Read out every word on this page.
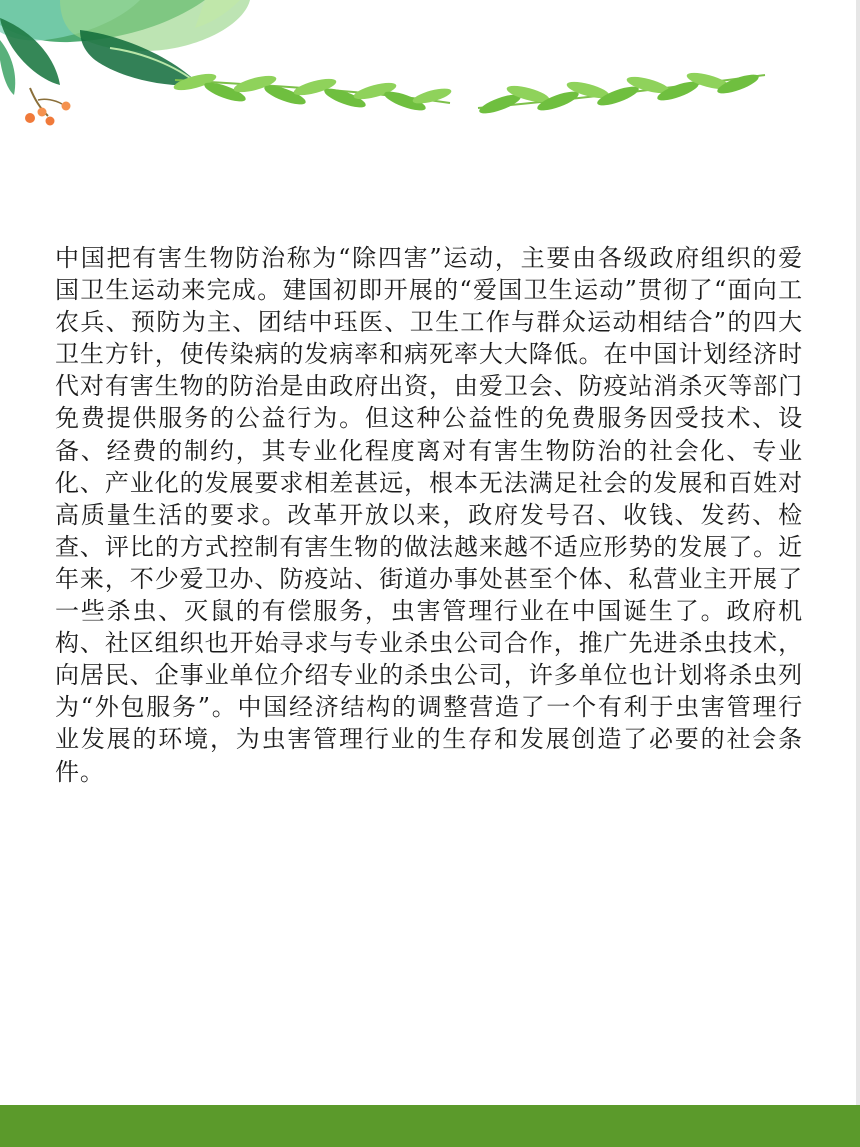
中国把有害生物防治称为“除四害”运动，主要由各级政府组织的爱国卫生运动来完成。建国初即开展的“爱国卫生运动”贯彻了“面向工农兵、预防为主、团结中珏医、卫生工作与群众运动相结合”的四大卫生方针，使传染病的发病率和病死率大大降低。在中国计划经济时代对有害生物的防治是由政府出资，由爱卫会、防疫站消杀灭等部门免费提供服务的公益行为。但这种公益性的免费服务因受技术、设备、经费的制约，其专业化程度离对有害生物防治的社会化、专业化、产业化的发展要求相差甚远，根本无法满足社会的发展和百姓对高质量生活的要求。改革开放以来，政府发号召、收钱、发药、检查、评比的方式控制有害生物的做法越来越不适应形势的发展了。近年来，不少爱卫办、防疫站、街道办事处甚至个体、私营业主开展了一些杀虫、灭鼠的有偿服务，虫害管理行业在中国诞生了。政府机构、社区组织也开始寻求与专业杀虫公司合作，推广先进杀虫技术，向居民、企事业单位介绍专业的杀虫公司，许多单位也计划将杀虫列为“外包服务”。中国经济结构的调整营造了一个有利于虫害管理行业发展的环境，为虫害管理行业的生存和发展创造了必要的社会条件。
